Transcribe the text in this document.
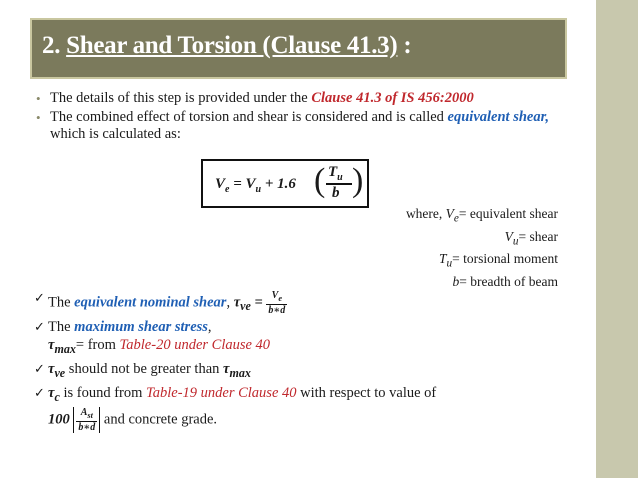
2. Shear and Torsion (Clause 41.3) :
• The details of this step is provided under the Clause 41.3 of IS 456:2000
• The combined effect of torsion and shear is considered and is called equivalent shear, which is calculated as:
$V_e = V_u + 1.6$ ( $T_u$
b )
where, $V_e=$ equivalent shear
$V_u=$ shear
$T_u=$ torsional moment
b= breadth of beam
✓ The equivalent nominal shear, $\tau_{ve} = \frac{V_e}{b∗d}$
✓ The maximum shear stress,
$\tau_{max}=$ from Table-20 under Clause 40
✓ $\tau_{ve}$ should not be greater than $\tau_{max}$
✓ $\tau_c$ is found from Table-19 under Clause 40 with respect to value of
$100 \frac{A_{st}}{b∗d}$ and concrete grade.
